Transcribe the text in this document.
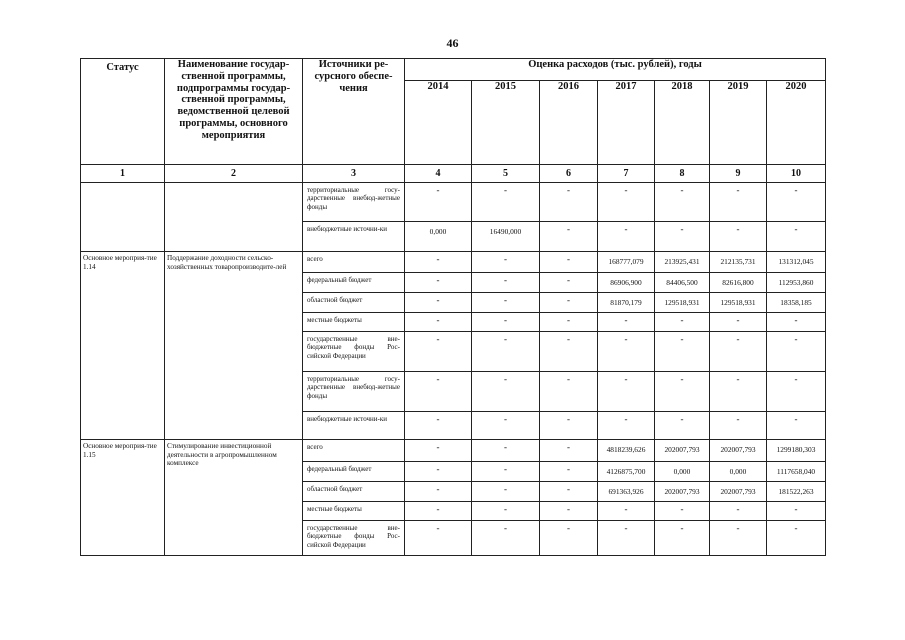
46
Статус	Наименование государ-ственной программы, подпрограммы государ-ственной программы, ведомственной целевой программы, основного мероприятия	Источники ре-сурсного обеспе-чения	Оценка расходов (тыс. рублей), годы						
			2014	2015	2016	2017	2018	2019	2020
1	2	3	4	5	6	7	8	9	10
		территориальные госу-дарственные внебюд-жетные фонды	-	-	-	-	-	-	-
		внебюджетные источни-ки	0,000	16490,000	-	-	-	-	-
Основное мероприя-тие 1.14	Поддержание доходности сельско-хозяйственных товаропроизводите-лей	всего	-	-	-	168777,079	213925,431	212135,731	131312,045
		федеральный бюджет	-	-	-	86906,900	84406,500	82616,800	112953,860
		областной бюджет	-	-	-	81870,179	129518,931	129518,931	18358,185
		местные бюджеты	-	-	-	-	-	-	-
		государственные вне-бюджетные фонды Рос-сийской Федерации	-	-	-	-	-	-	-
		территориальные госу-дарственные внебюд-жетные фонды	-	-	-	-	-	-	-
		внебюджетные источни-ки	-	-	-	-	-	-	-
Основное мероприя-тие 1.15	Стимулирование инвестиционной деятельности в агропромышленном комплексе	всего	-	-	-	4818239,626	202007,793	202007,793	1299180,303
		федеральный бюджет	-	-	-	4126875,700	0,000	0,000	1117658,040
		областной бюджет	-	-	-	691363,926	202007,793	202007,793	181522,263
		местные бюджеты	-	-	-	-	-	-	-
		государственные вне-бюджетные фонды Рос-сийской Федерации	-	-	-	-	-	-	-
